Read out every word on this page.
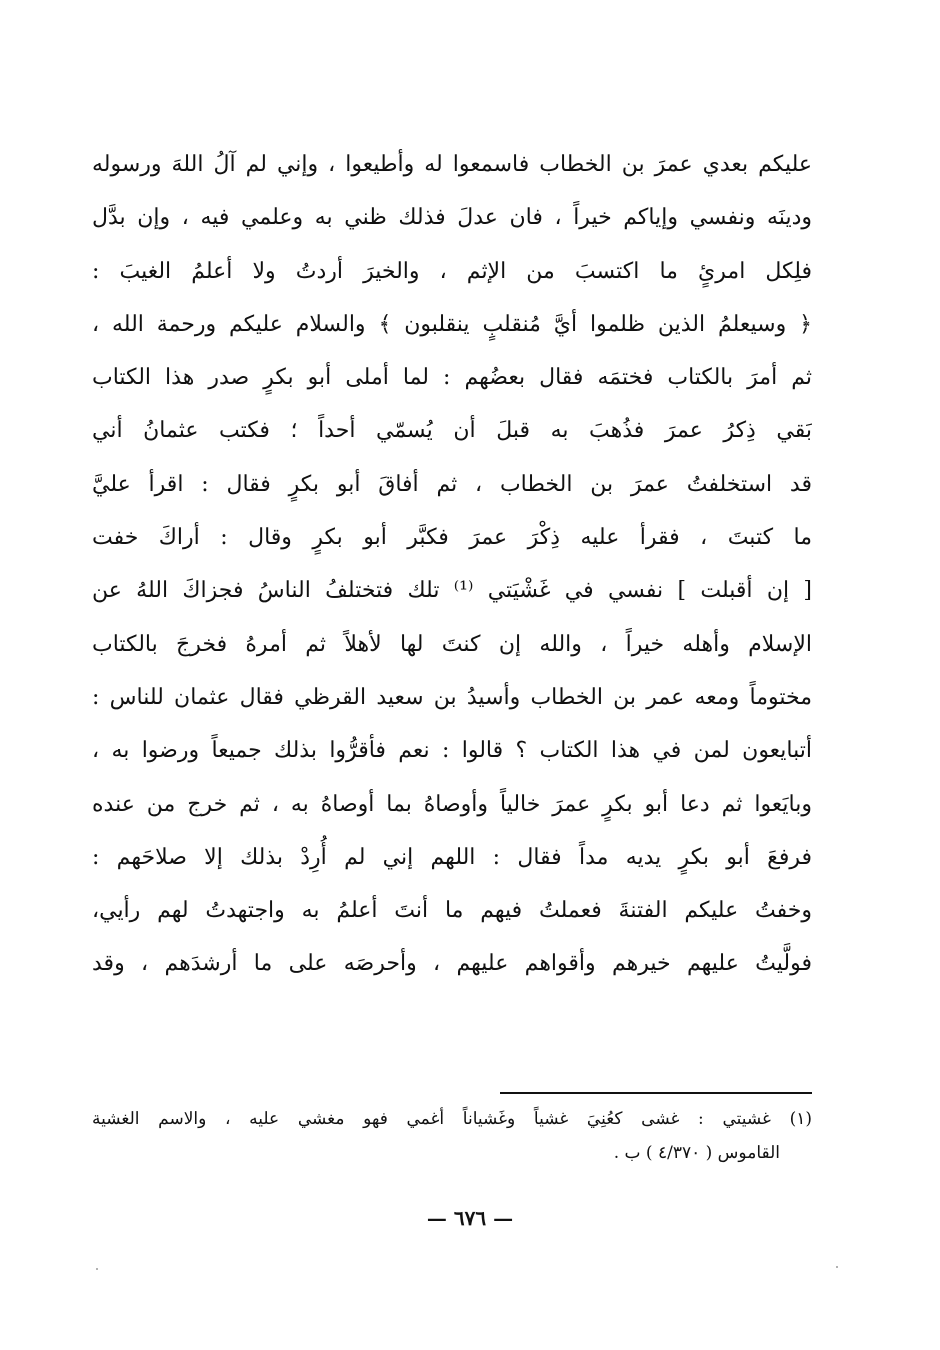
عليكم بعدي عمرَ بن الخطاب فاسمعوا له وأطيعوا ، وإني لم آلُ اللهَ ورسوله
ودينَه ونفسي وإياكم خيراً ، فان عدلَ فذلك ظني به وعلمي فيه ، وإن بدَّل
فلِكل امرئٍ ما اكتسبَ من الإثم ، والخيرَ أردتُ ولا أعلمُ الغيبَ :
﴿ وسيعلمُ الذين ظلموا أيَّ مُنقلبٍ ينقلبون ﴾ والسلام عليكم ورحمة الله ،
ثم أمرَ بالكتاب فختمَه فقال بعضُهم : لما أملى أبو بكرٍ صدر هذا الكتاب
بَقي ذِكرُ عمرَ فذُهبَ به قبلَ أن يُسمّي أحداً ؛ فكتب عثمانُ أني
قد استخلفتُ عمرَ بن الخطاب ، ثم أفاقَ أبو بكرٍ فقال : اقرأ عليَّ
ما كتبتَ ، فقرأ عليه ذِكْرَ عمرَ فكبَّر أبو بكرٍ وقال : أراكَ خفت
[ إن أقبلت ] نفسي في غَشْيَتي ⁽¹⁾ تلك فتختلفُ الناسُ فجزاكَ اللهُ عن
الإسلام وأهله خيراً ، والله إن كنتَ لها لأهلاً ثم أمرهُ فخرجَ بالكتاب
مختوماً ومعه عمر بن الخطاب وأسيدُ بن سعيد القرظي فقال عثمان للناس :
أتبايعون لمن في هذا الكتاب ؟ قالوا : نعم فأقرُّوا بذلك جميعاً ورضوا به ،
وبايَعوا ثم دعا أبو بكرٍ عمرَ خالياً وأوصاهُ بما أوصاهُ به ، ثم خرج من عنده
فرفعَ أبو بكرٍ يديه مداً فقال : اللهم إني لم أُرِدْ بذلك إلا صلاحَهم :
وخفتُ عليكم الفتنةَ فعملتُ فيهم ما أنتَ أعلمُ به واجتهدتُ لهم رأيي،
فولَّيتُ عليهم خيرهم وأقواهم عليهم ، وأحرصَه على ما أرشدَهم ، وقد
(١) غشيتي : غشى كعُنِيَ غشياً وغَشياناً أغمي فهو مغشي عليه ، والاسم الغشية
القاموس ( ٤/٣٧٠ ) ب .
— ٦٧٦ —
